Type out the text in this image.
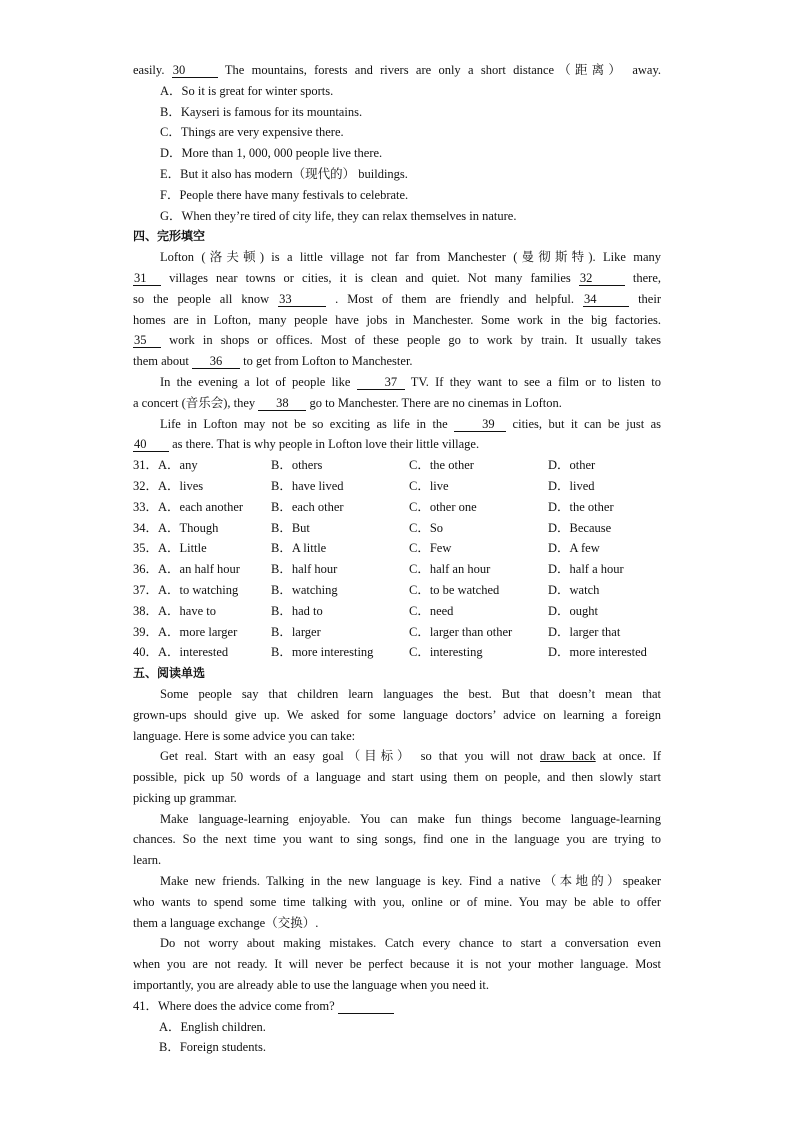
easily. 30	The mountains, forests and rivers are only a short distance（距离） away.
A．So it is great for winter sports.
B．Kayseri is famous for its mountains.
C．Things are very expensive there.
D．More than 1, 000, 000 people live there.
E．But it also has modern（现代的） buildings.
F．People there have many festivals to celebrate.
G．When they’re tired of city life, they can relax themselves in nature.
四、完形填空
Lofton (洛夫顿) is a little village not far from Manchester (曼彻斯特). Like many
31 villages near towns or cities, it is clean and quiet. Not many families 32	there,
so the people all know 33	. Most of them are friendly and helpful. 34	their
homes are in Lofton, many people have jobs in Manchester. Some work in the big factories.
35 work in shops or offices. Most of these people go to work by train. It usually takes
them about 36 to get from Lofton to Manchester.
In the evening a lot of people like	37 TV. If they want to see a film or to listen to
a concert (音乐会), they 38 go to Manchester. There are no cinemas in Lofton.
Life in Lofton may not be so exciting as life in the	39 cities, but it can be just as
40 as there. That is why people in Lofton love their little village.
31．A．any	B．others	C．the other	D．other
32．A．lives	B．have lived	C．live	D．lived
33．A．each another	B．each other	C．other one	D．the other
34．A．Though	B．But	C．So	D．Because
35．A．Little	B．A little	C．Few	D．A few
36．A．an half hour	B．half hour	C．half an hour	D．half a hour
37．A．to watching	B．watching	C．to be watched	D．watch
38．A．have to	B．had to	C．need	D．ought
39．A．more larger	B．larger	C．larger than other	D．larger that
40．A．interested	B．more interesting	C．interesting	D．more interested
五、阅读单选
Some people say that children learn languages the best. But that doesn’t mean that
grown-ups should give up. We asked for some language doctors’ advice on learning a foreign
language. Here is some advice you can take:
Get real. Start with an easy goal（目标） so that you will not draw back at once. If
possible, pick up 50 words of a language and start using them on people, and then slowly start
picking up grammar.
Make language-learning enjoyable. You can make fun things become language-learning
chances. So the next time you want to sing songs, find one in the language you are trying to
learn.
Make new friends. Talking in the new language is key. Find a native（本地的）speaker
who wants to spend some time talking with you, online or of mine. You may be able to offer
them a language exchange（交换）.
Do not worry about making mistakes. Catch every chance to start a conversation even
when you are not ready. It will never be perfect because it is not your mother language. Most
importantly, you are already able to use the language when you need it.
41．Where does the advice come from?
A．English children.
B．Foreign students.
